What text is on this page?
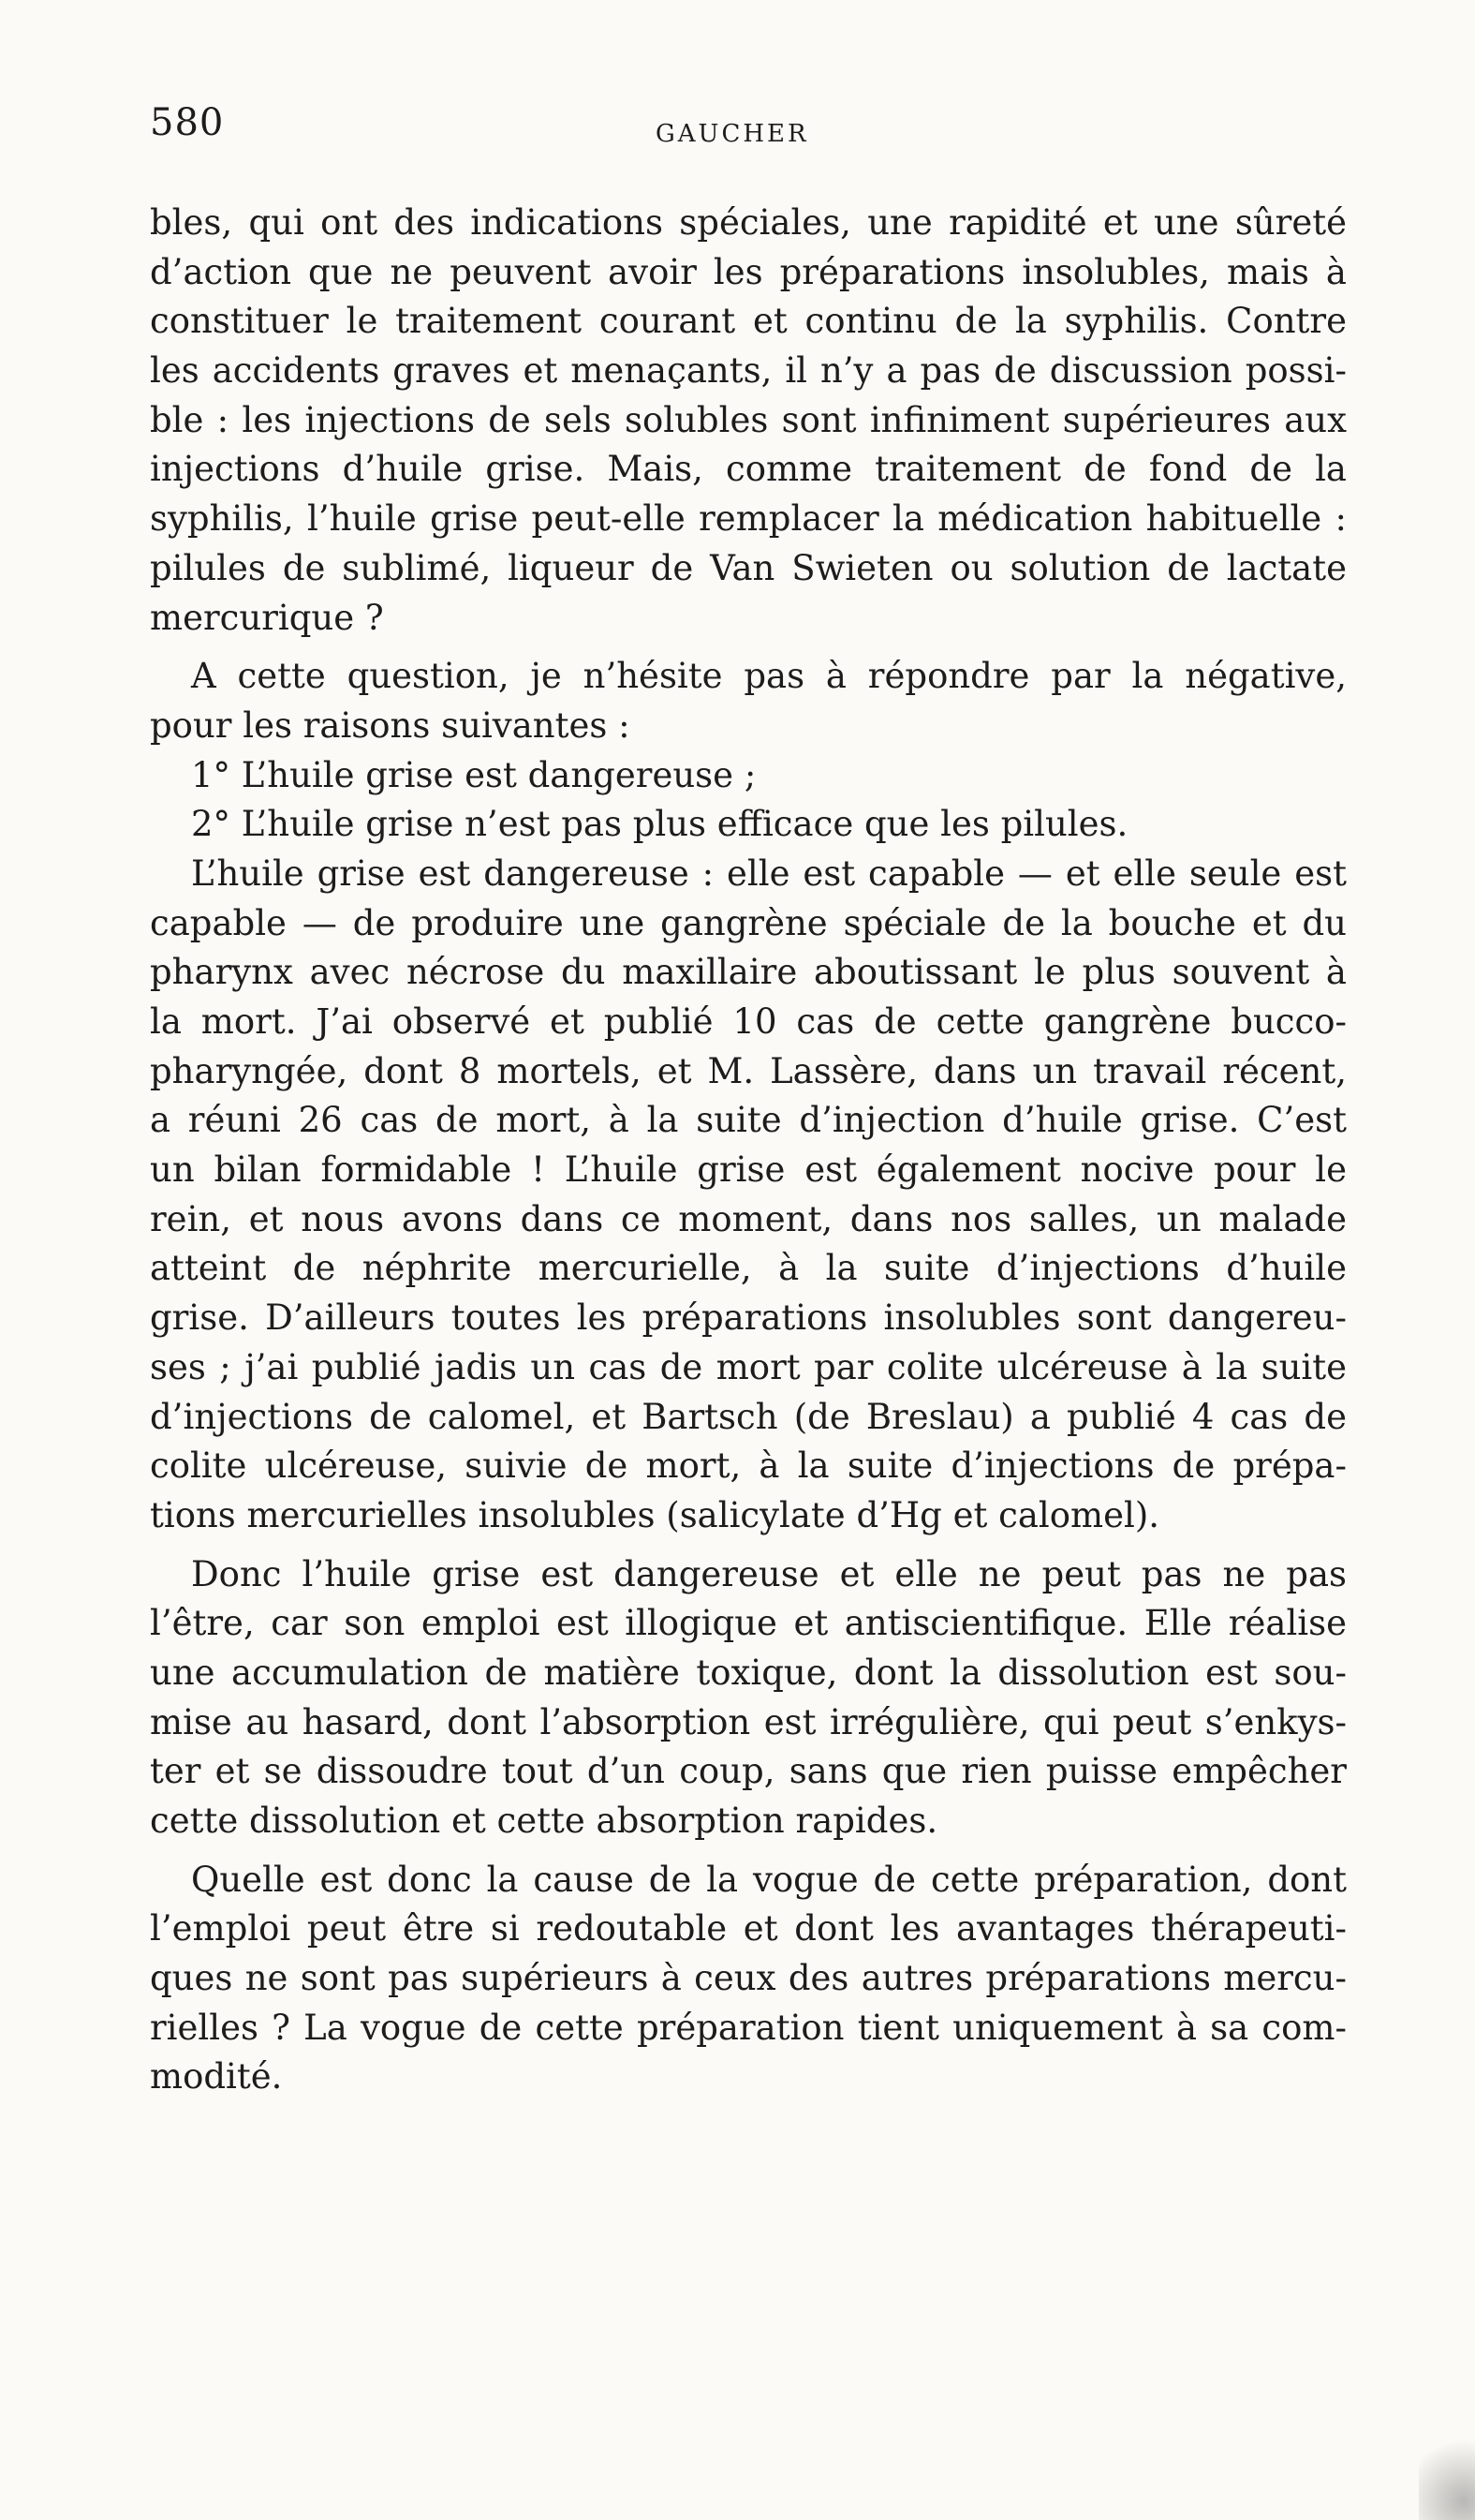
580	GAUCHER
bles, qui ont des indications spéciales, une rapidité et une sûreté
d’action que ne peuvent avoir les préparations insolubles, mais à
constituer le traitement courant et continu de la syphilis. Contre
les accidents graves et menaçants, il n’y a pas de discussion possi-
ble : les injections de sels solubles sont infiniment supérieures aux
injections d’huile grise. Mais, comme traitement de fond de la
syphilis, l’huile grise peut-elle remplacer la médication habituelle :
pilules de sublimé, liqueur de Van Swieten ou solution de lactate
mercurique ?
A cette question, je n’hésite pas à répondre par la négative,
pour les raisons suivantes :
1° L’huile grise est dangereuse ;
2° L’huile grise n’est pas plus efficace que les pilules.
L’huile grise est dangereuse : elle est capable — et elle seule est
capable — de produire une gangrène spéciale de la bouche et du
pharynx avec nécrose du maxillaire aboutissant le plus souvent à
la mort. J’ai observé et publié 10 cas de cette gangrène bucco-
pharyngée, dont 8 mortels, et M. Lassère, dans un travail récent,
a réuni 26 cas de mort, à la suite d’injection d’huile grise. C’est
un bilan formidable ! L’huile grise est également nocive pour le
rein, et nous avons dans ce moment, dans nos salles, un malade
atteint de néphrite mercurielle, à la suite d’injections d’huile
grise. D’ailleurs toutes les préparations insolubles sont dangereu-
ses ; j’ai publié jadis un cas de mort par colite ulcéreuse à la suite
d’injections de calomel, et Bartsch (de Breslau) a publié 4 cas de
colite ulcéreuse, suivie de mort, à la suite d’injections de prépa-
tions mercurielles insolubles (salicylate d’Hg et calomel).
Donc l’huile grise est dangereuse et elle ne peut pas ne pas
l’être, car son emploi est illogique et antiscientifique. Elle réalise
une accumulation de matière toxique, dont la dissolution est sou-
mise au hasard, dont l’absorption est irrégulière, qui peut s’enkys-
ter et se dissoudre tout d’un coup, sans que rien puisse empêcher
cette dissolution et cette absorption rapides.
Quelle est donc la cause de la vogue de cette préparation, dont
l’emploi peut être si redoutable et dont les avantages thérapeuti-
ques ne sont pas supérieurs à ceux des autres préparations mercu-
rielles ? La vogue de cette préparation tient uniquement à sa com-
modité.
